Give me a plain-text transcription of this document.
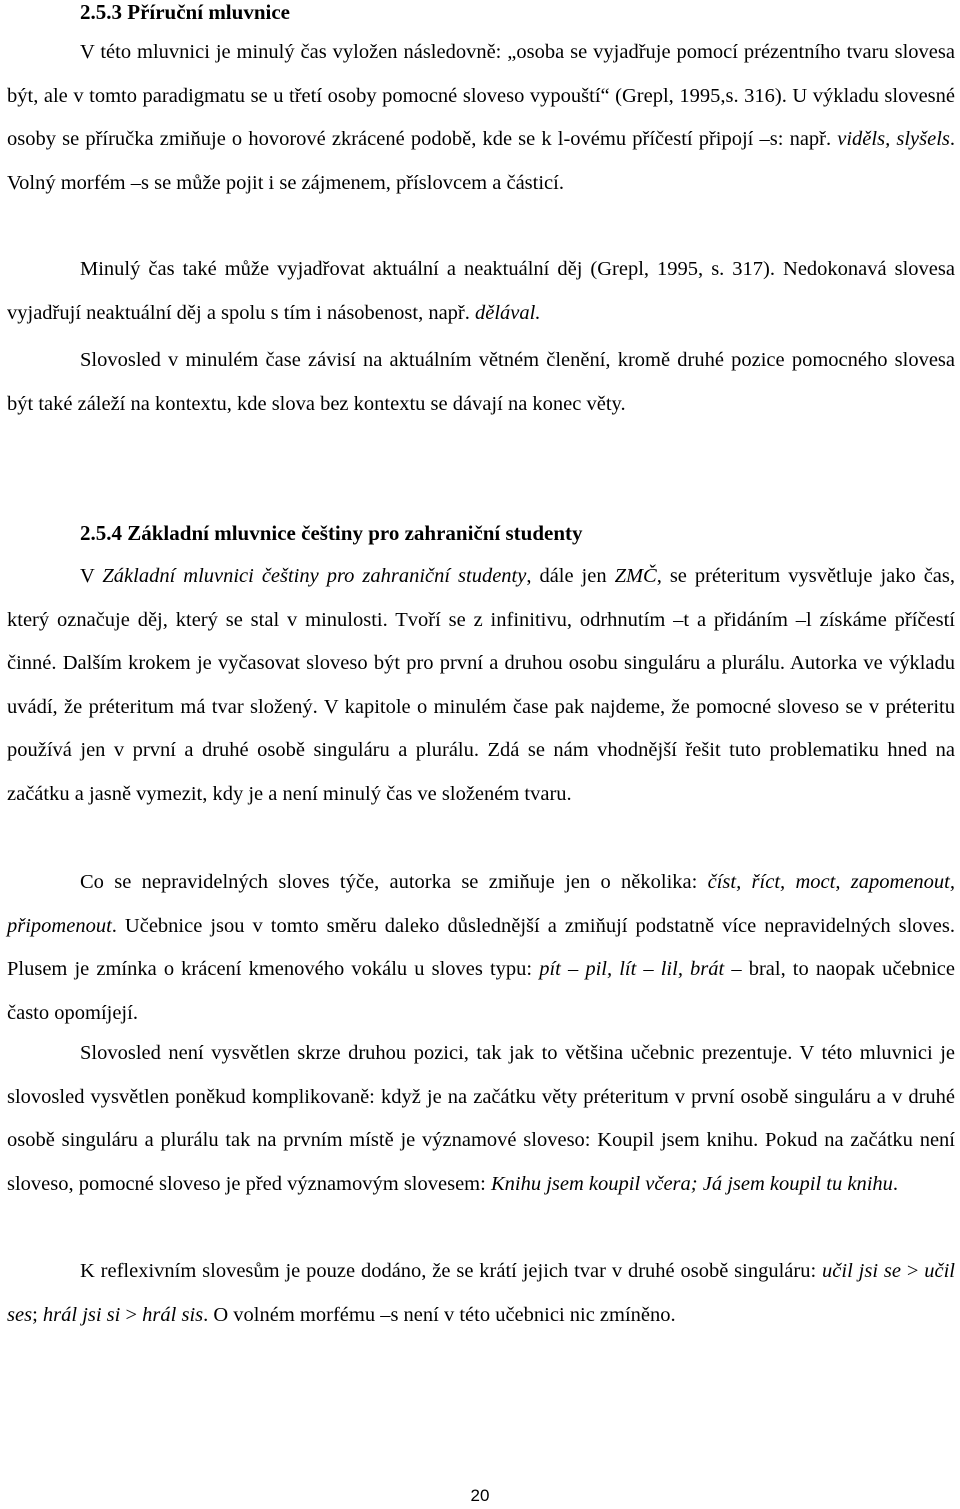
2.5.3 Příruční mluvnice

V této mluvnici je minulý čas vyložen následovně: „osoba se vyjadřuje pomocí prézentního tvaru slovesa být, ale v tomto paradigmatu se u třetí osoby pomocné sloveso vypouští“ (Grepl, 1995,s. 316). U výkladu slovesné osoby se příručka zmiňuje o hovorové zkrácené podobě, kde se k l-ovému příčestí připojí –s: např. viděls, slyšels. Volný morfém –s se může pojit i se zájmenem, příslovcem a částicí.

Minulý čas také může vyjadřovat aktuální a neaktuální děj (Grepl, 1995, s. 317). Nedokonavá slovesa vyjadřují neaktuální děj a spolu s tím i násobenost, např. dělával.

Slovosled v minulém čase závisí na aktuálním větném členění, kromě druhé pozice pomocného slovesa být také záleží na kontextu, kde slova bez kontextu se dávají na konec věty.

2.5.4 Základní mluvnice češtiny pro zahraniční studenty

V Základní mluvnici češtiny pro zahraniční studenty, dále jen ZMČ, se préteritum vysvětluje jako čas, který označuje děj, který se stal v minulosti. Tvoří se z infinitivu, odrhnutím –t a přidáním –l získáme příčestí činné. Dalším krokem je vyčasovat sloveso být pro první a druhou osobu singuláru a plurálu. Autorka ve výkladu uvádí, že préteritum má tvar složený. V kapitole o minulém čase pak najdeme, že pomocné sloveso se v préteritu používá jen v první a druhé osobě singuláru a plurálu. Zdá se nám vhodnější řešit tuto problematiku hned na začátku a jasně vymezit, kdy je a není minulý čas ve složeném tvaru.

Co se nepravidelných sloves týče, autorka se zmiňuje jen o několika: číst, říct, moct, zapomenout, připomenout. Učebnice jsou v tomto směru daleko důslednější a zmiňují podstatně více nepravidelných sloves. Plusem je zmínka o krácení kmenového vokálu u sloves typu: pít – pil, lít – lil, brát – bral, to naopak učebnice často opomíjejí.

Slovosled není vysvětlen skrze druhou pozici, tak jak to většina učebnic prezentuje. V této mluvnici je slovosled vysvětlen poněkud komplikovaně: když je na začátku věty préteritum v první osobě singuláru a v druhé osobě singuláru a plurálu tak na prvním místě je významové sloveso: Koupil jsem knihu. Pokud na začátku není sloveso, pomocné sloveso je před významovým slovesem: Knihu jsem koupil včera; Já jsem koupil tu knihu.

K reflexivním slovesům je pouze dodáno, že se krátí jejich tvar v druhé osobě singuláru: učil jsi se > učil ses; hrál jsi si > hrál sis. O volném morfému –s není v této učebnici nic zmíněno.

20
